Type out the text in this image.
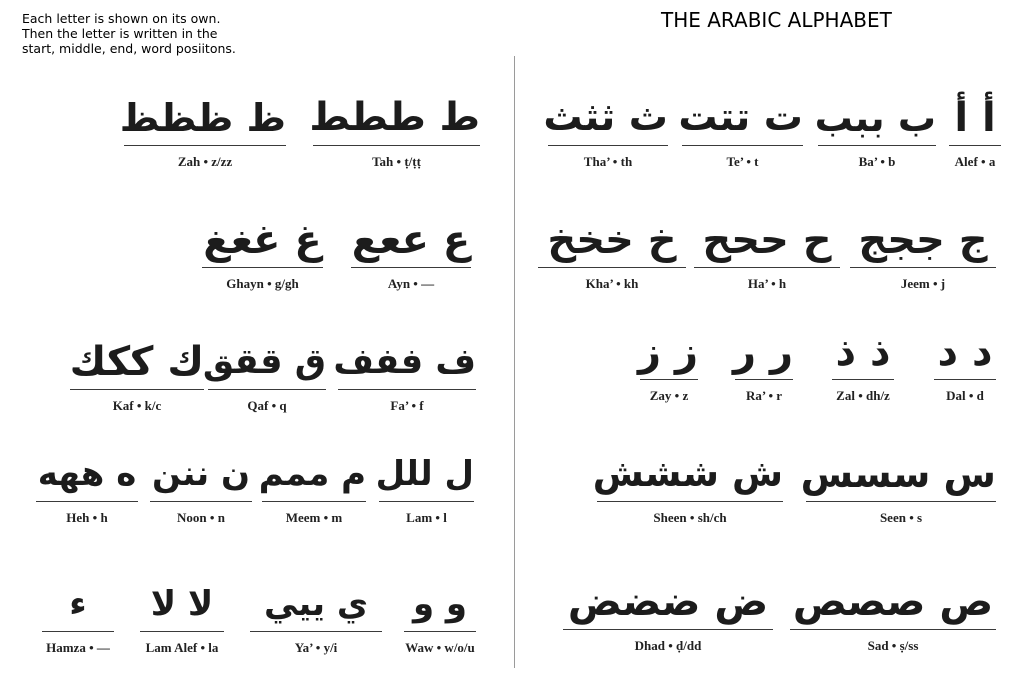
Each letter is shown on its own.
Then the letter is written in the
start, middle, end, word posiitons.
THE ARABIC ALPHABET
ظ ظظظ
Zah • z/zz
ط ططط
Tah • ṭ/ṭṭ
غ غغغ
Ghayn • g/gh
ع ععع
Ayn • —
ك ككك
Kaf • k/c
ق ققق
Qaf • q
ف ففف
Fa’ • f
ه ههه
Heh • h
ن ننن
Noon • n
م ممم
Meem • m
ل للل
Lam • l
ء
Hamza • —
لا لا
Lam Alef • la
ي ييي
Ya’ • y/i
و و
Waw • w/o/u
ث ثثث
Tha’ • th
ت تتت
Te’ • t
ب ببب
Ba’ • b
أ أ
Alef • a
خ خخخ
Kha’ • kh
ح ححح
Ha’ • h
ج ججج
Jeem • j
ز ز
Zay • z
ر ر
Ra’ • r
ذ ذ
Zal • dh/z
د د
Dal • d
ش ششش
Sheen • sh/ch
س سسس
Seen • s
ض ضضض
Dhad • ḍ/dd
ص صصص
Sad • ṣ/ss
